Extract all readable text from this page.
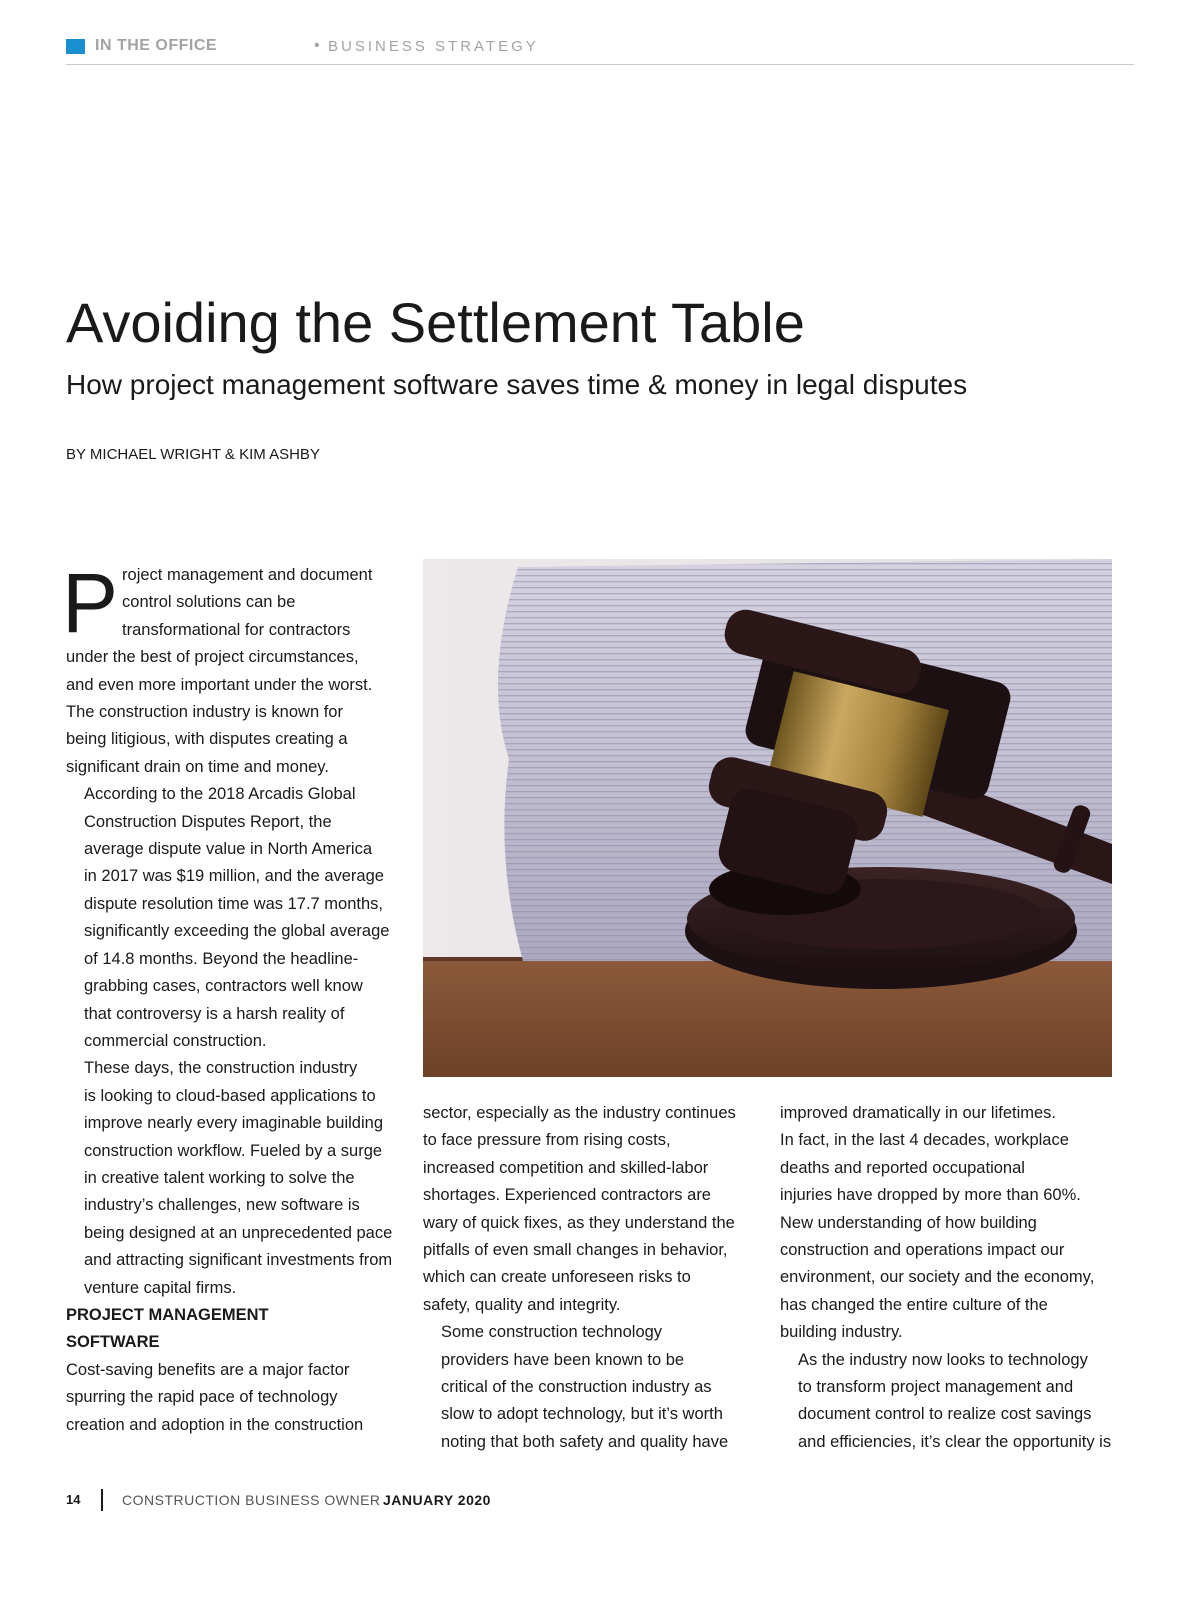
IN THE OFFICE	• BUSINESS STRATEGY
Avoiding the Settlement Table
How project management software saves time & money in legal disputes
BY MICHAEL WRIGHT & KIM ASHBY
P roject management and document
control solutions can be
transformational for contractors
under the best of project circumstances,
and even more important under the worst.
The construction industry is known for
being litigious, with disputes creating a
significant drain on time and money.

According to the 2018 Arcadis Global
Construction Disputes Report, the
average dispute value in North America
in 2017 was $19 million, and the average
dispute resolution time was 17.7 months,
significantly exceeding the global average
of 14.8 months. Beyond the headline-
grabbing cases, contractors well know
that controversy is a harsh reality of
commercial construction.

These days, the construction industry
is looking to cloud-based applications to
improve nearly every imaginable building
construction workflow. Fueled by a surge
in creative talent working to solve the
industry’s challenges, new software is
being designed at an unprecedented pace
and attracting significant investments from
venture capital firms.

PROJECT MANAGEMENT
SOFTWARE

Cost-saving benefits are a major factor
spurring the rapid pace of technology
creation and adoption in the construction

sector, especially as the industry continues
to face pressure from rising costs,
increased competition and skilled-labor
shortages. Experienced contractors are
wary of quick fixes, as they understand the
pitfalls of even small changes in behavior,
which can create unforeseen risks to
safety, quality and integrity.

Some construction technology
providers have been known to be
critical of the construction industry as
slow to adopt technology, but it’s worth
noting that both safety and quality have

improved dramatically in our lifetimes.
In fact, in the last 4 decades, workplace
deaths and reported occupational
injuries have dropped by more than 60%.
New understanding of how building
construction and operations impact our
environment, our society and the economy,
has changed the entire culture of the
building industry.

As the industry now looks to technology
to transform project management and
document control to realize cost savings
and efficiencies, it’s clear the opportunity is

14	CONSTRUCTION BUSINESS OWNER JANUARY 2020
